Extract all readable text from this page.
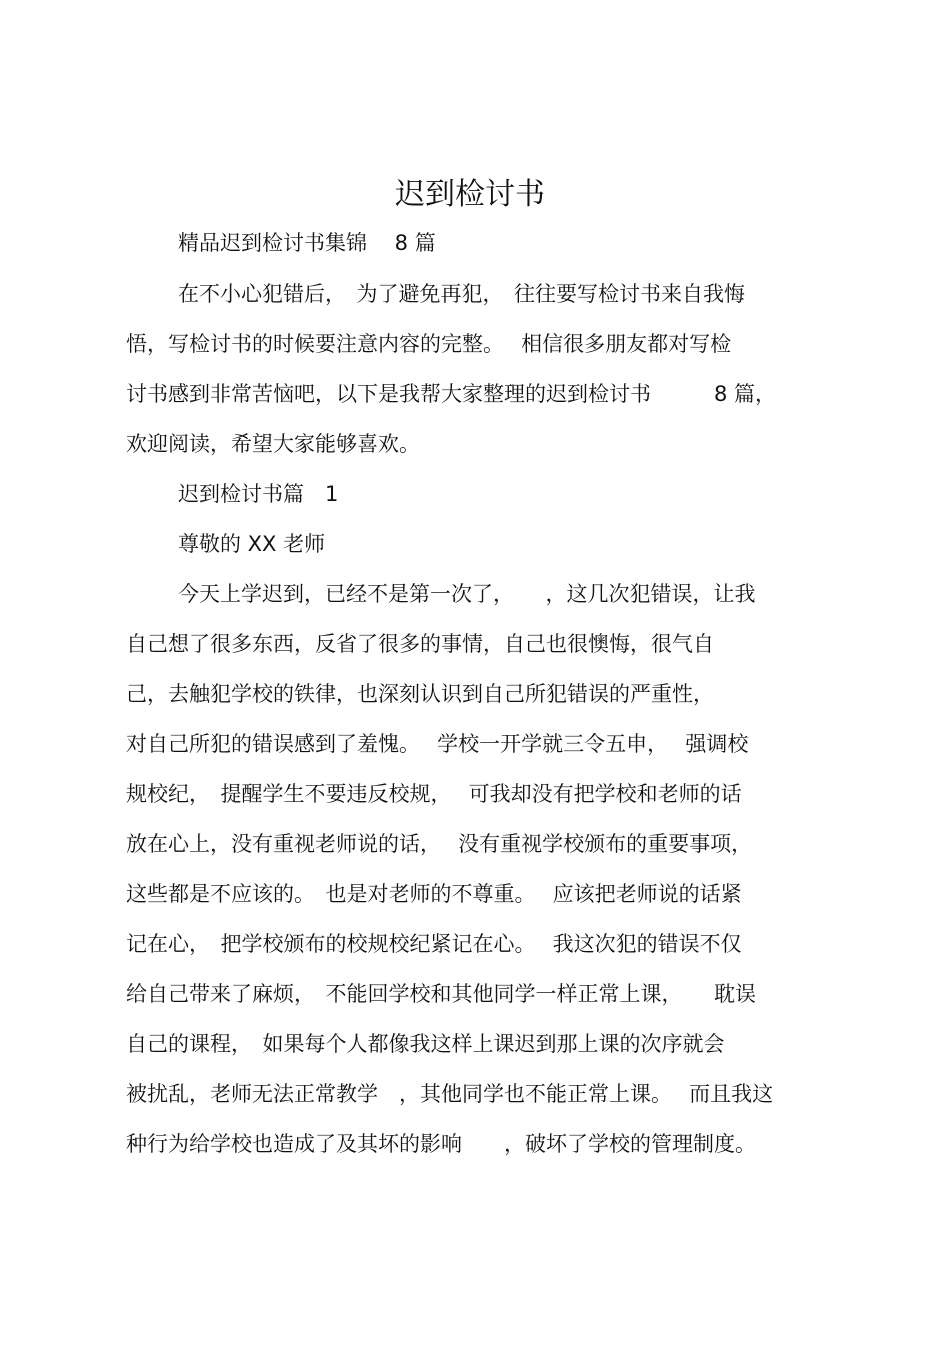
迟到检讨书

精品迟到检讨书集锦 　8 篇

在不小心犯错后，　为了避免再犯，　往往要写检讨书来自我悔

悟，写检讨书的时候要注意内容的完整。　 相信很多朋友都对写检

讨书感到非常苦恼吧，以下是我帮大家整理的迟到检讨书　　　8 篇，

欢迎阅读，希望大家能够喜欢。

迟到检讨书篇　1

尊敬的 XX 老师

今天上学迟到，已经不是第一次了，　　，这几次犯错误，让我

自己想了很多东西，反省了很多的事情，自己也很懊悔，很气自

己，去触犯学校的铁律，也深刻认识到自己所犯错误的严重性，

对自己所犯的错误感到了羞愧。　 学校一开学就三令五申，　 强调校

规校纪，　提醒学生不要违反校规，　 可我却没有把学校和老师的话

放在心上，没有重视老师说的话，　 没有重视学校颁布的重要事项，

这些都是不应该的。　也是对老师的不尊重。　 应该把老师说的话紧

记在心，　把学校颁布的校规校纪紧记在心。　 我这次犯的错误不仅

给自己带来了麻烦，　不能回学校和其他同学一样正常上课，　　耽误

自己的课程，　如果每个人都像我这样上课迟到那上课的次序就会

被扰乱，老师无法正常教学　，其他同学也不能正常上课。　 而且我这

种行为给学校也造成了及其坏的影响　　，破坏了学校的管理制度。
